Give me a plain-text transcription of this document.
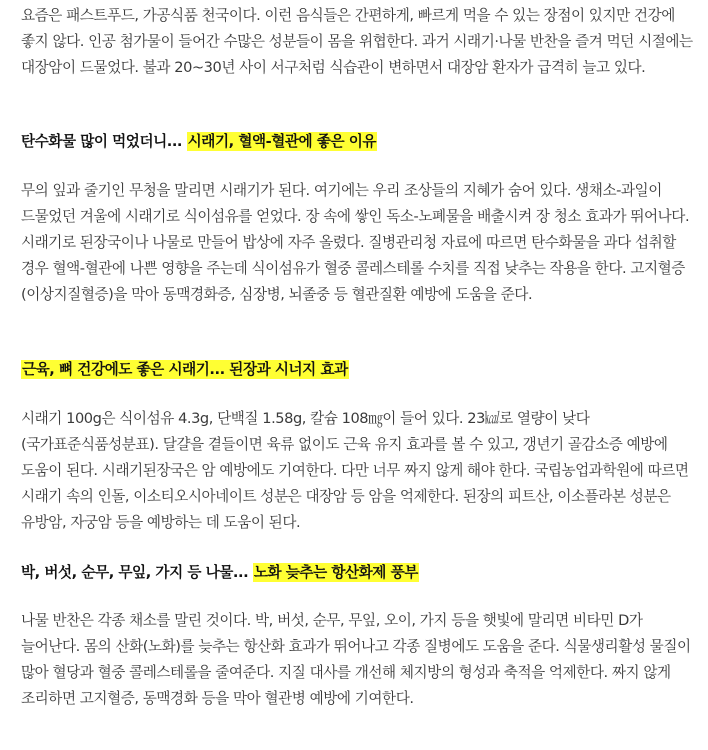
요즘은 패스트푸드, 가공식품 천국이다. 이런 음식들은 간편하게, 빠르게 먹을 수 있는 장점이 있지만 건강에 좋지 않다. 인공 첨가물이 들어간 수많은 성분들이 몸을 위협한다. 과거 시래기·나물 반찬을 즐겨 먹던 시절에는 대장암이 드물었다. 불과 20~30년 사이 서구처럼 식습관이 변하면서 대장암 환자가 급격히 늘고 있다.

탄수화물 많이 먹었더니... 시래기, 혈액-혈관에 좋은 이유

무의 잎과 줄기인 무청을 말리면 시래기가 된다. 여기에는 우리 조상들의 지혜가 숨어 있다. 생채소-과일이 드물었던 겨울에 시래기로 식이섬유를 얻었다. 장 속에 쌓인 독소-노폐물을 배출시켜 장 청소 효과가 뛰어나다. 시래기로 된장국이나 나물로 만들어 밥상에 자주 올렸다. 질병관리청 자료에 따르면 탄수화물을 과다 섭취할 경우 혈액-혈관에 나쁜 영향을 주는데 식이섬유가 혈중 콜레스테롤 수치를 직접 낮추는 작용을 한다. 고지혈증(이상지질혈증)을 막아 동맥경화증, 심장병, 뇌졸중 등 혈관질환 예방에 도움을 준다.

근육, 뼈 건강에도 좋은 시래기... 된장과 시너지 효과

시래기 100g은 식이섬유 4.3g, 단백질 1.58g, 칼슘 108㎎이 들어 있다. 23㎉로 열량이 낮다(국가표준식품성분표). 달걀을 곁들이면 육류 없이도 근육 유지 효과를 볼 수 있고, 갱년기 골감소증 예방에 도움이 된다. 시래기된장국은 암 예방에도 기여한다. 다만 너무 짜지 않게 해야 한다. 국립농업과학원에 따르면 시래기 속의 인돌, 이소티오시아네이트 성분은 대장암 등 암을 억제한다. 된장의 피트산, 이소플라본 성분은 유방암, 자궁암 등을 예방하는 데 도움이 된다.

박, 버섯, 순무, 무잎, 가지 등 나물... 노화 늦추는 항산화제 풍부

나물 반찬은 각종 채소를 말린 것이다. 박, 버섯, 순무, 무잎, 오이, 가지 등을 햇빛에 말리면 비타민 D가 늘어난다. 몸의 산화(노화)를 늦추는 항산화 효과가 뛰어나고 각종 질병에도 도움을 준다. 식물생리활성 물질이 많아 혈당과 혈중 콜레스테롤을 줄여준다. 지질 대사를 개선해 체지방의 형성과 축적을 억제한다. 짜지 않게 조리하면 고지혈증, 동맥경화 등을 막아 혈관병 예방에 기여한다.
